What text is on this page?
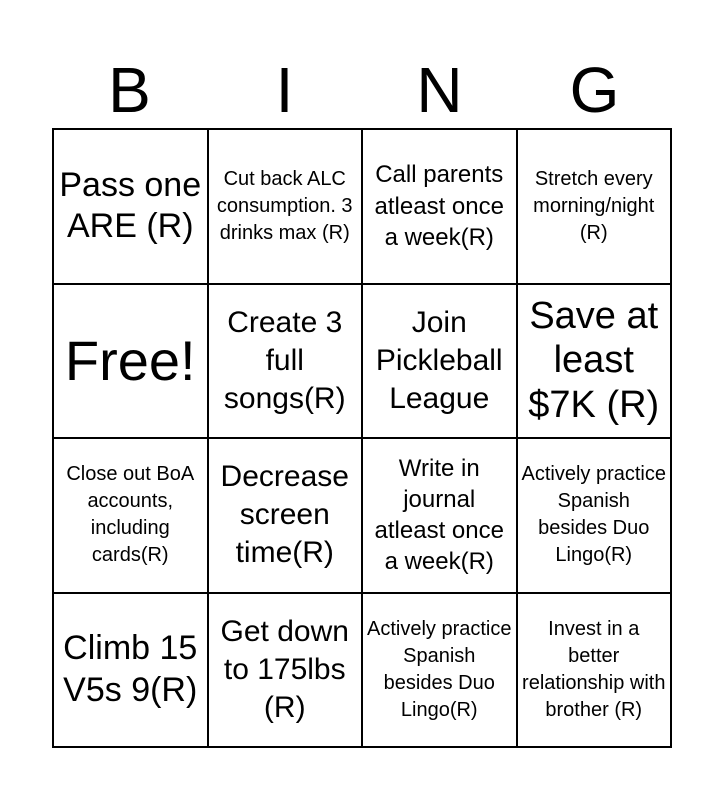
B	I	N	G
Pass one ARE (R)
Cut back ALC consumption. 3 drinks max (R)
Call parents atleast once a week(R)
Stretch every morning/night (R)
Free!
Create 3 full songs(R)
Join Pickleball League
Save at least $7K (R)
Close out BoA accounts, including cards(R)
Decrease screen time(R)
Write in journal atleast once a week(R)
Actively practice Spanish besides Duo Lingo(R)
Climb 15 V5s 9(R)
Get down to 175lbs (R)
Actively practice Spanish besides Duo Lingo(R)
Invest in a better relationship with brother (R)
